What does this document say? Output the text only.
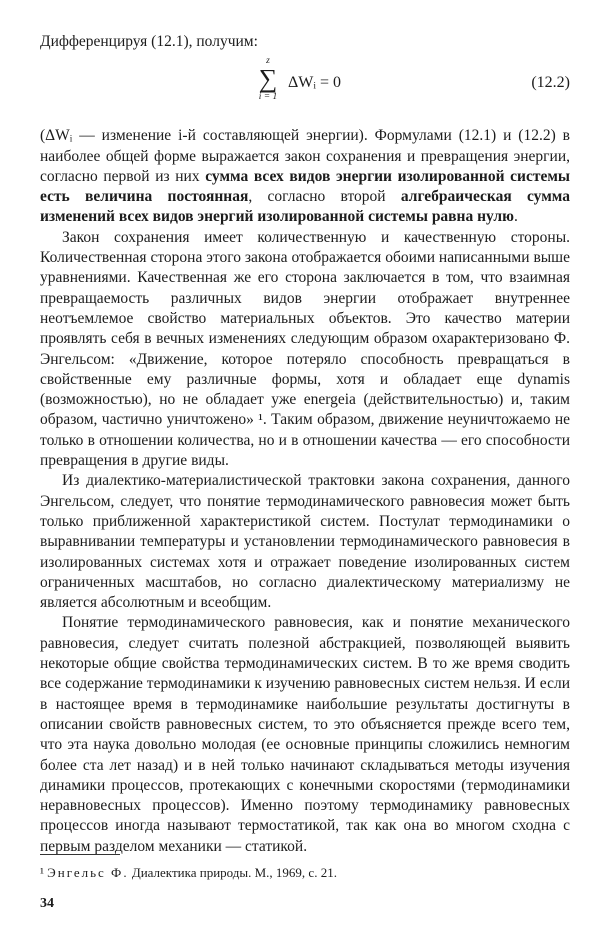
Дифференцируя (12.1), получим:

z
∑
i = 1
ΔWᵢ = 0	(12.2)

(ΔWᵢ — изменение i-й составляющей энергии). Формулами (12.1) и (12.2) в наиболее общей форме выражается закон сохранения и превращения энергии, согласно первой из них сумма всех видов энергии изолированной системы есть величина постоянная, согласно второй алгебраическая сумма изменений всех видов энергий изолированной системы равна нулю.

Закон сохранения имеет количественную и качественную стороны. Количественная сторона этого закона отображается обоими написанными выше уравнениями. Качественная же его сторона заключается в том, что взаимная превращаемость различных видов энергии отображает внутреннее неотъемлемое свойство материальных объектов. Это качество материи проявлять себя в вечных изменениях следующим образом охарактеризовано Ф. Энгельсом: «Движение, которое потеряло способность превращаться в свойственные ему различные формы, хотя и обладает еще dynamis (возможностью), но не обладает уже energeia (действительностью) и, таким образом, частично уничтожено» ¹. Таким образом, движение неуничтожаемо не только в отношении количества, но и в отношении качества — его способности превращения в другие виды.

Из диалектико-материалистической трактовки закона сохранения, данного Энгельсом, следует, что понятие термодинамического равновесия может быть только приближенной характеристикой систем. Постулат термодинамики о выравнивании температуры и установлении термодинамического равновесия в изолированных системах хотя и отражает поведение изолированных систем ограниченных масштабов, но согласно диалектическому материализму не является абсолютным и всеобщим.

Понятие термодинамического равновесия, как и понятие механического равновесия, следует считать полезной абстракцией, позволяющей выявить некоторые общие свойства термодинамических систем. В то же время сводить все содержание термодинамики к изучению равновесных систем нельзя. И если в настоящее время в термодинамике наибольшие результаты достигнуты в описании свойств равновесных систем, то это объясняется прежде всего тем, что эта наука довольно молодая (ее основные принципы сложились немногим более ста лет назад) и в ней только начинают складываться методы изучения динамики процессов, протекающих с конечными скоростями (термодинамики неравновесных процессов). Именно поэтому термодинамику равновесных процессов иногда называют термостатикой, так как она во многом сходна с первым разделом механики — статикой.

¹ Энгельс Ф. Диалектика природы. М., 1969, с. 21.
34
